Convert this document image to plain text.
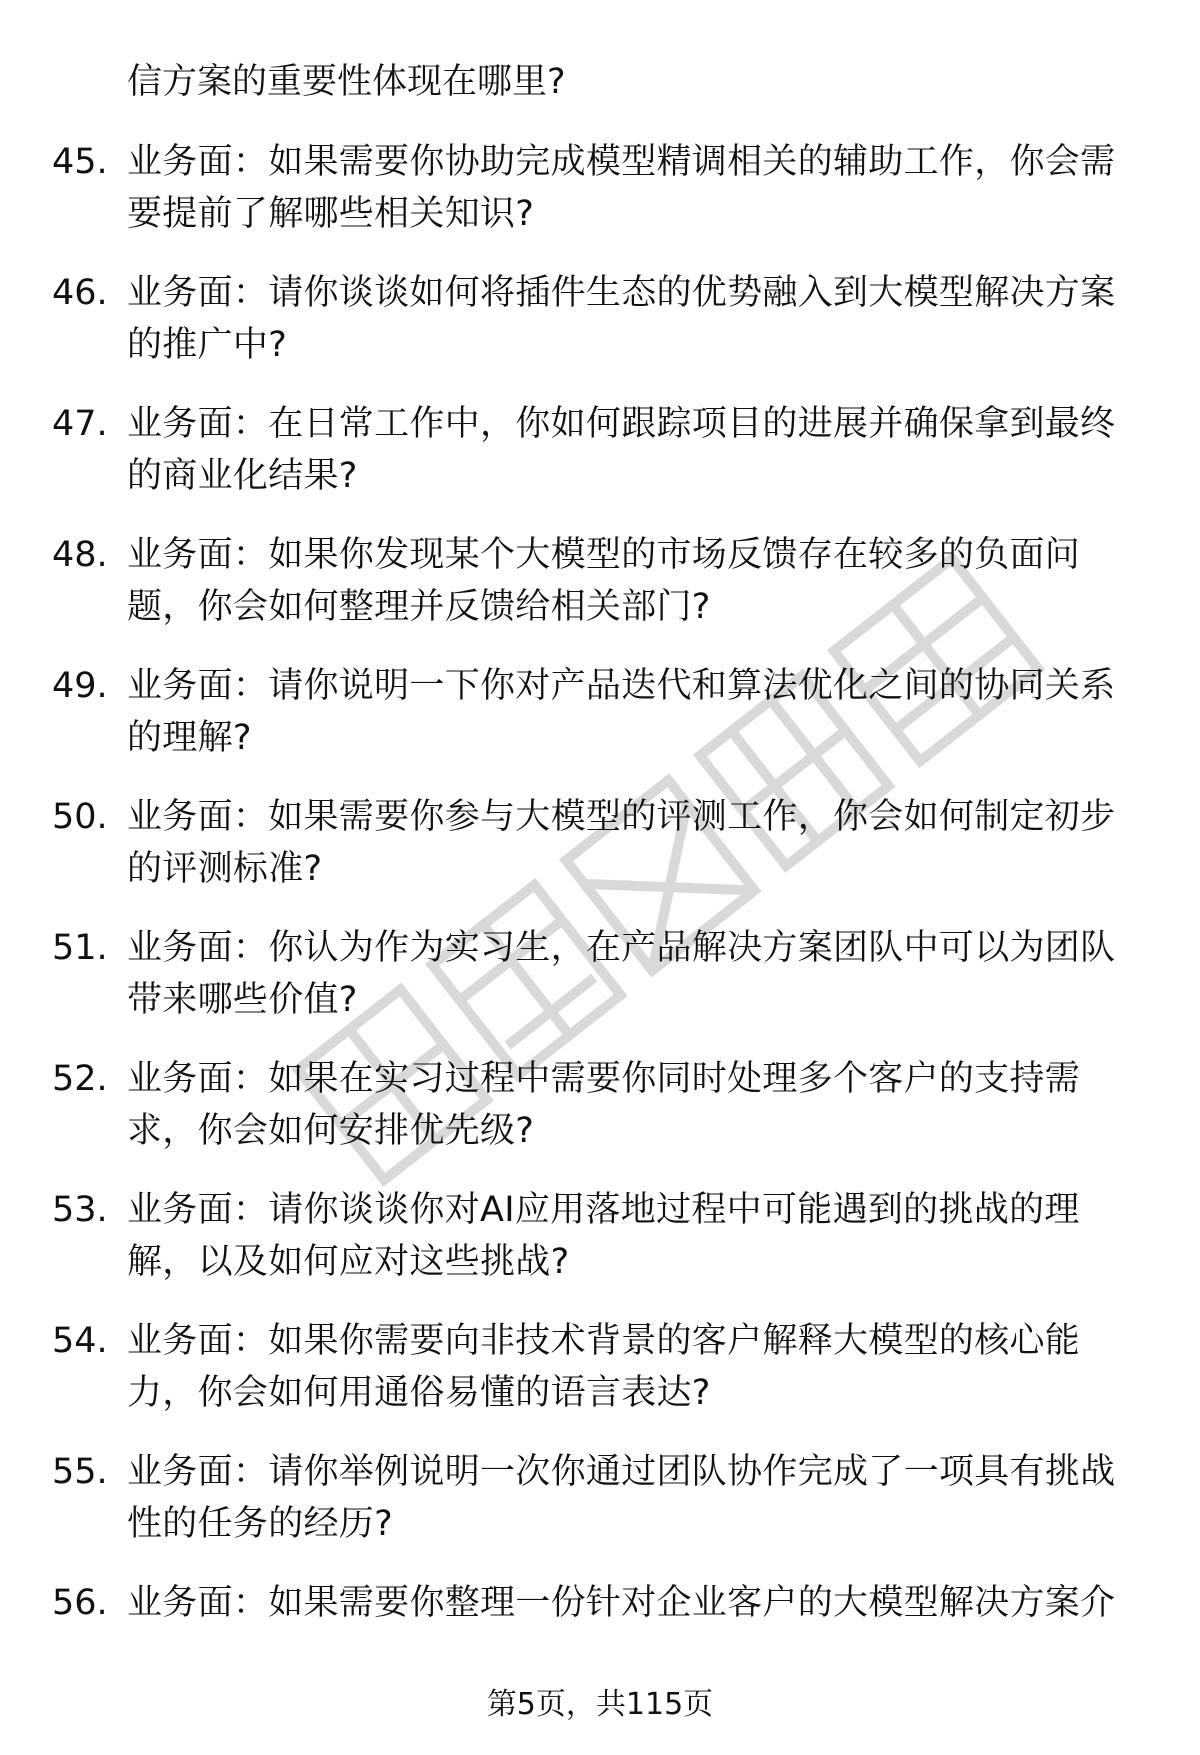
信方案的重要性体现在哪里?
45. 业务面：如果需要你协助完成模型精调相关的辅助工作，你会需
要提前了解哪些相关知识?
46. 业务面：请你谈谈如何将插件生态的优势融入到大模型解决方案
的推广中?
47. 业务面：在日常工作中，你如何跟踪项目的进展并确保拿到最终
的商业化结果?
48. 业务面：如果你发现某个大模型的市场反馈存在较多的负面问
题，你会如何整理并反馈给相关部门?
49. 业务面：请你说明一下你对产品迭代和算法优化之间的协同关系
的理解?
50. 业务面：如果需要你参与大模型的评测工作，你会如何制定初步
的评测标准?
51. 业务面：你认为作为实习生，在产品解决方案团队中可以为团队
带来哪些价值?
52. 业务面：如果在实习过程中需要你同时处理多个客户的支持需
求，你会如何安排优先级?
53. 业务面：请你谈谈你对AI应用落地过程中可能遇到的挑战的理
解，以及如何应对这些挑战?
54. 业务面：如果你需要向非技术背景的客户解释大模型的核心能
力，你会如何用通俗易懂的语言表达?
55. 业务面：请你举例说明一次你通过团队协作完成了一项具有挑战
性的任务的经历?
56. 业务面：如果需要你整理一份针对企业客户的大模型解决方案介
第5页，共115页
